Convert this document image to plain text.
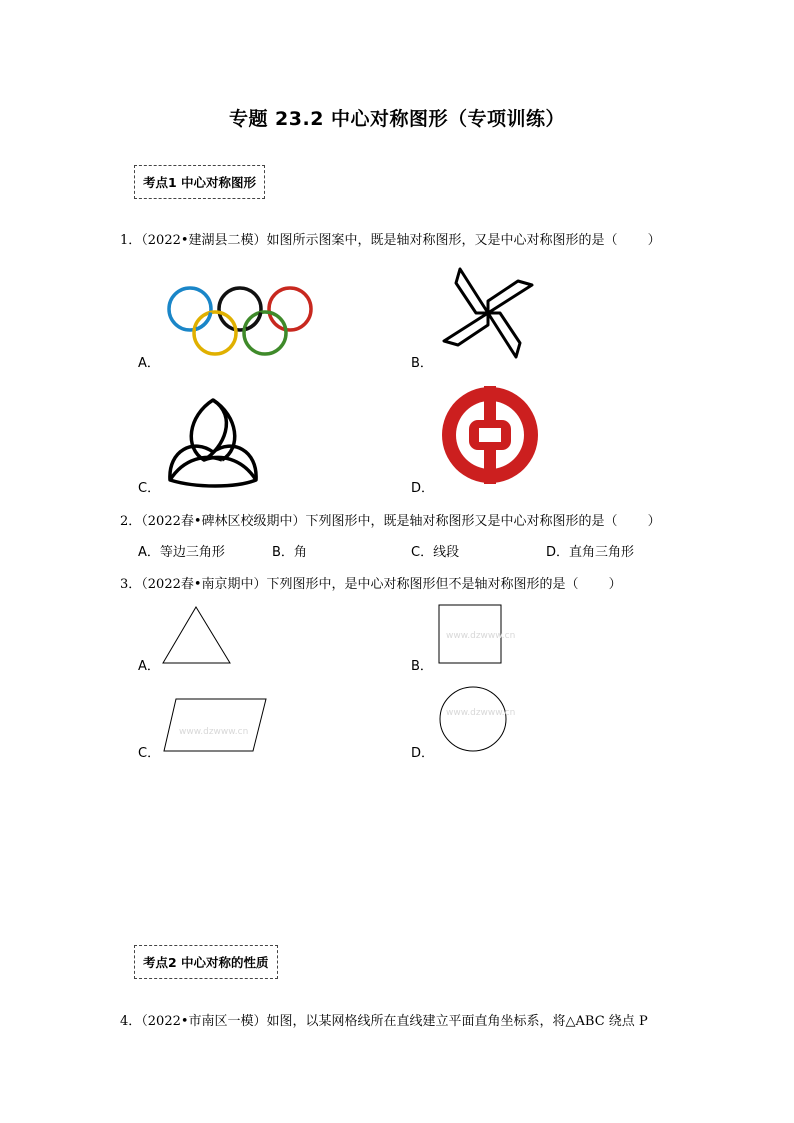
专题 23.2 中心对称图形（专项训练）
考点1 中心对称图形
1．（2022•建湖县二模）如图所示图案中，既是轴对称图形，又是中心对称图形的是（ ）
A．	B．
C．	D．
2．（2022春•碑林区校级期中）下列图形中，既是轴对称图形又是中心对称图形的是（ ）
A．等边三角形	B．角	C．线段	D．直角三角形
3．（2022春•南京期中）下列图形中，是中心对称图形但不是轴对称图形的是（ ）
A．	B．
www.dzwww.cn
C．
www.dzwww.cn
D．
www.dzwww.cn
考点2 中心对称的性质
4．（2022•市南区一模）如图，以某网格线所在直线建立平面直角坐标系，将△ABC 绕点 P
